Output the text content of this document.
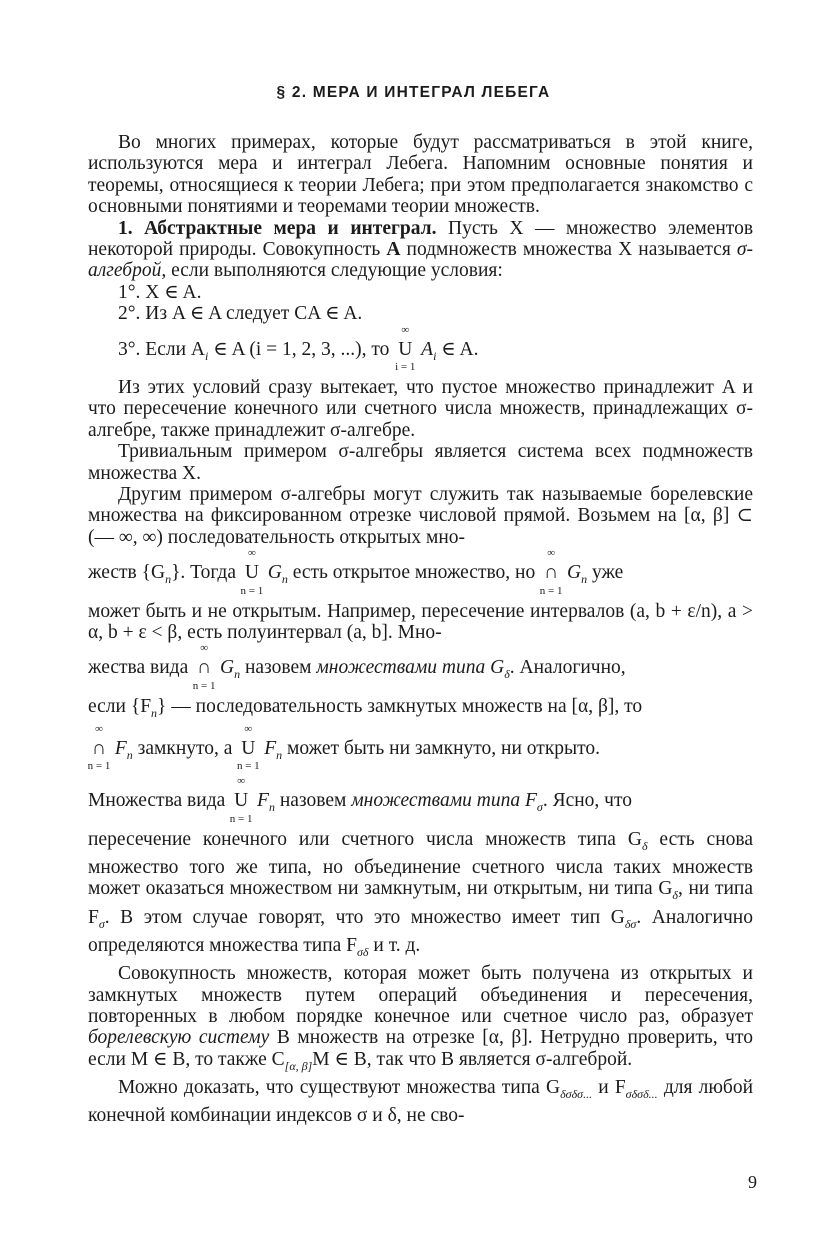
§ 2. МЕРА И ИНТЕГРАЛ ЛЕБЕГА

Во многих примерах, которые будут рассматриваться в этой книге, используются мера и интеграл Лебега. Напомним основные понятия и теоремы, относящиеся к теории Лебега; при этом предполагается знакомство с основными понятиями и теоремами теории множеств.

1. Абстрактные мера и интеграл. Пусть X — множество элементов некоторой природы. Совокупность A подмножеств множества X называется σ-алгеброй, если выполняются следующие условия:

1°. X ∈ A.

2°. Из A ∈ A следует CA ∈ A.

3°. Если $A_i$ ∈ A (i = 1, 2, 3, ...), то
∞
U
i = 1
$A_i$ ∈ A.

Из этих условий сразу вытекает, что пустое множество принадлежит A и что пересечение конечного или счетного числа множеств, принадлежащих σ-алгебре, также принадлежит σ-алгебре.

Тривиальным примером σ-алгебры является система всех подмножеств множества X.

Другим примером σ-алгебры могут служить так называемые борелевские множества на фиксированном отрезке числовой прямой. Возьмем на [α, β] ⊂ (— ∞, ∞) последовательность открытых мно-

жеств $\{G_n\}$. Тогда
∞
U
n = 1
$G_n$ есть открытое множество, но
∞
∩
n = 1
$G_n$ уже

может быть и не открытым. Например, пересечение интервалов (a, b + ε/n), a > α, b + ε < β, есть полуинтервал (a, b]. Мно-

жества вида
∞
∩
n = 1
$G_n$ назовем множествами типа $G_\delta$. Аналогично,

если $\{F_n\}$ — последовательность замкнутых множеств на [α, β], то

∞
∩
n = 1
$F_n$ замкнуто, а
∞
U
n = 1
$F_n$ может быть ни замкнуто, ни открыто.

Множества вида
∞
U
n = 1
$F_n$ назовем множествами типа $F_\sigma$. Ясно, что

пересечение конечного или счетного числа множеств типа $G_\delta$ есть снова множество того же типа, но объединение счетного числа таких множеств может оказаться множеством ни замкнутым, ни открытым, ни типа $G_\delta$, ни типа $F_\sigma$. В этом случае говорят, что это множество имеет тип $G_{\delta\sigma}$. Аналогично определяются множества типа $F_{\sigma\delta}$ и т. д.

Совокупность множеств, которая может быть получена из открытых и замкнутых множеств путем операций объединения и пересечения, повторенных в любом порядке конечное или счетное число раз, образует борелевскую систему B множеств на отрезке [α, β]. Нетрудно проверить, что если M ∈ B, то также $C_{[\alpha, \beta]}M$ ∈ B, так что B является σ-алгеброй.

Можно доказать, что существуют множества типа $G_{\delta\sigma\delta\sigma...}$ и $F_{\sigma\delta\sigma\delta...}$ для любой конечной комбинации индексов σ и δ, не сво-

9
